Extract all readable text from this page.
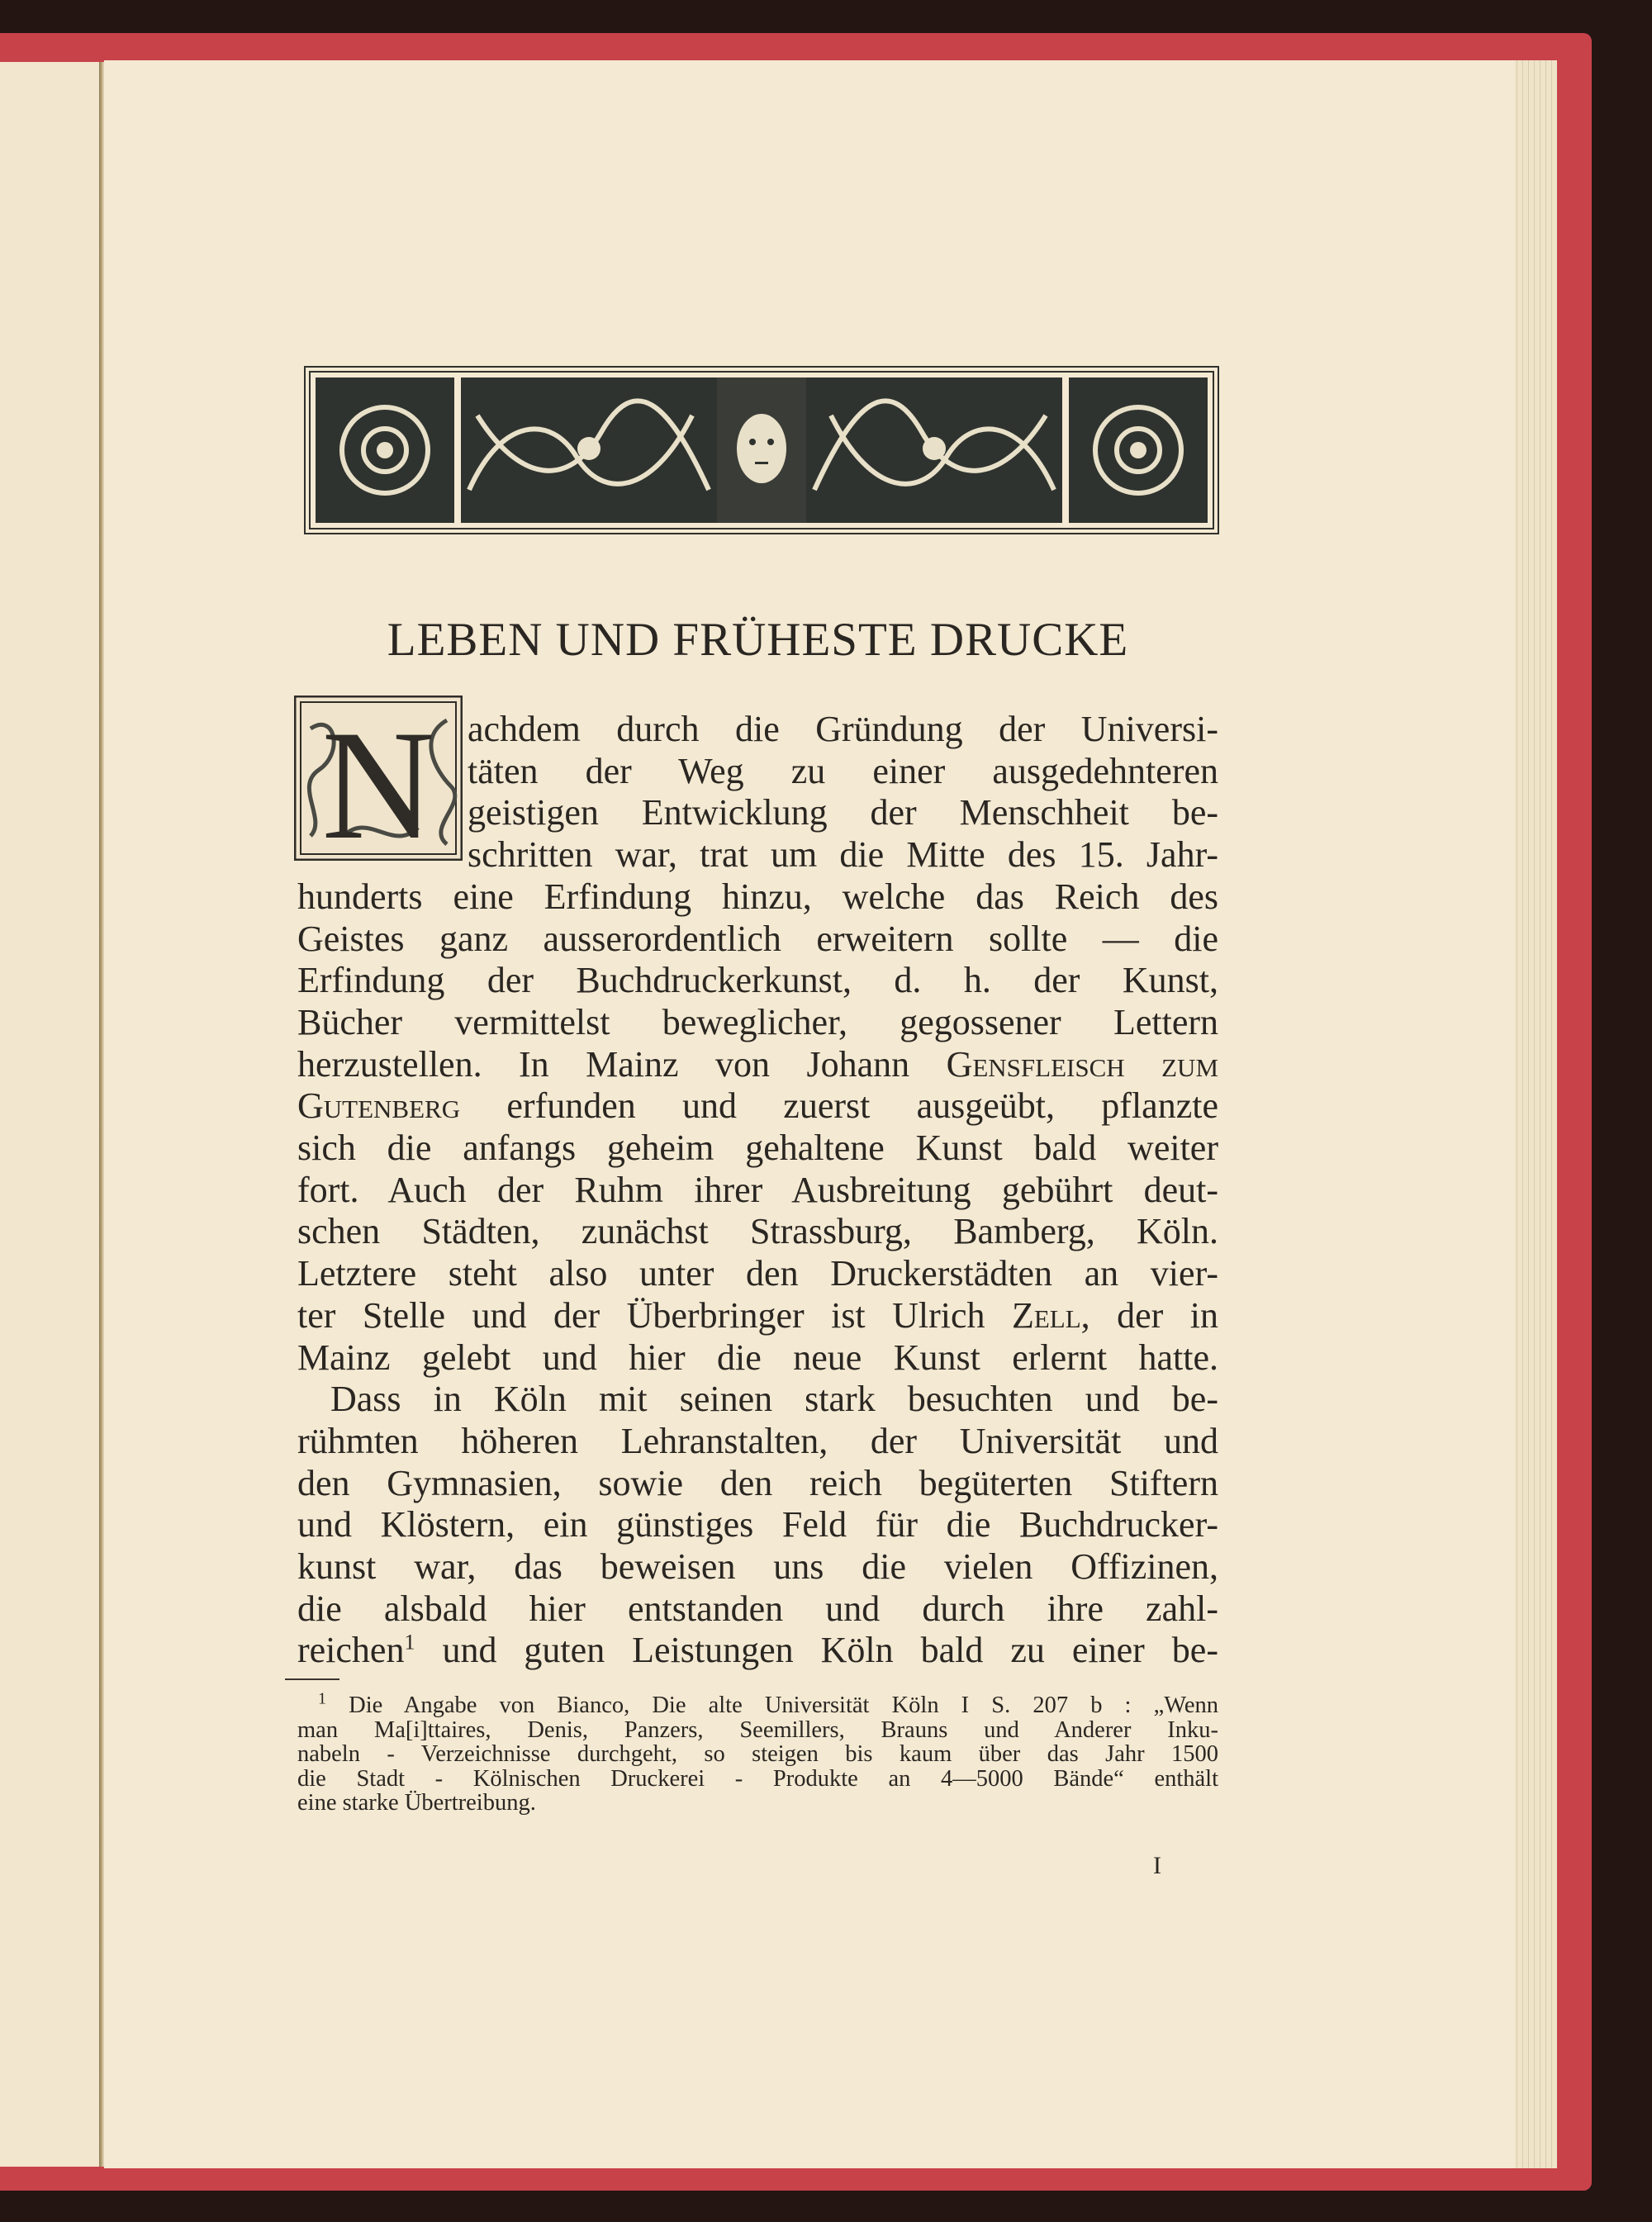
LEBEN UND FRÜHESTE DRUCKE
N achdem durch die Gründung der Universi-
täten der Weg zu einer ausgedehnteren
geistigen Entwicklung der Menschheit be-
schritten war, trat um die Mitte des 15. Jahr-
hunderts eine Erfindung hinzu, welche das Reich des
Geistes ganz ausserordentlich erweitern sollte — die
Erfindung der Buchdruckerkunst, d. h. der Kunst,
Bücher vermittelst beweglicher, gegossener Lettern
herzustellen. In Mainz von Johann Gensfleisch zum
Gutenberg erfunden und zuerst ausgeübt, pflanzte
sich die anfangs geheim gehaltene Kunst bald weiter
fort. Auch der Ruhm ihrer Ausbreitung gebührt deut-
schen Städten, zunächst Strassburg, Bamberg, Köln.
Letztere steht also unter den Druckerstädten an vier-
ter Stelle und der Überbringer ist Ulrich Zell, der in
Mainz gelebt und hier die neue Kunst erlernt hatte.
Dass in Köln mit seinen stark besuchten und be-
rühmten höheren Lehranstalten, der Universität und
den Gymnasien, sowie den reich begüterten Stiftern
und Klöstern, ein günstiges Feld für die Buchdrucker-
kunst war, das beweisen uns die vielen Offizinen,
die alsbald hier entstanden und durch ihre zahl-
reichen$^1$ und guten Leistungen Köln bald zu einer be-
$^1$ Die Angabe von Bianco, Die alte Universität Köln I S. 207 b : „Wenn
man Ma[i]ttaires, Denis, Panzers, Seemillers, Brauns und Anderer Inku-
nabeln - Verzeichnisse durchgeht, so steigen bis kaum über das Jahr 1500
die Stadt - Kölnischen Druckerei - Produkte an 4—5000 Bände“ enthält
eine starke Übertreibung.
I
